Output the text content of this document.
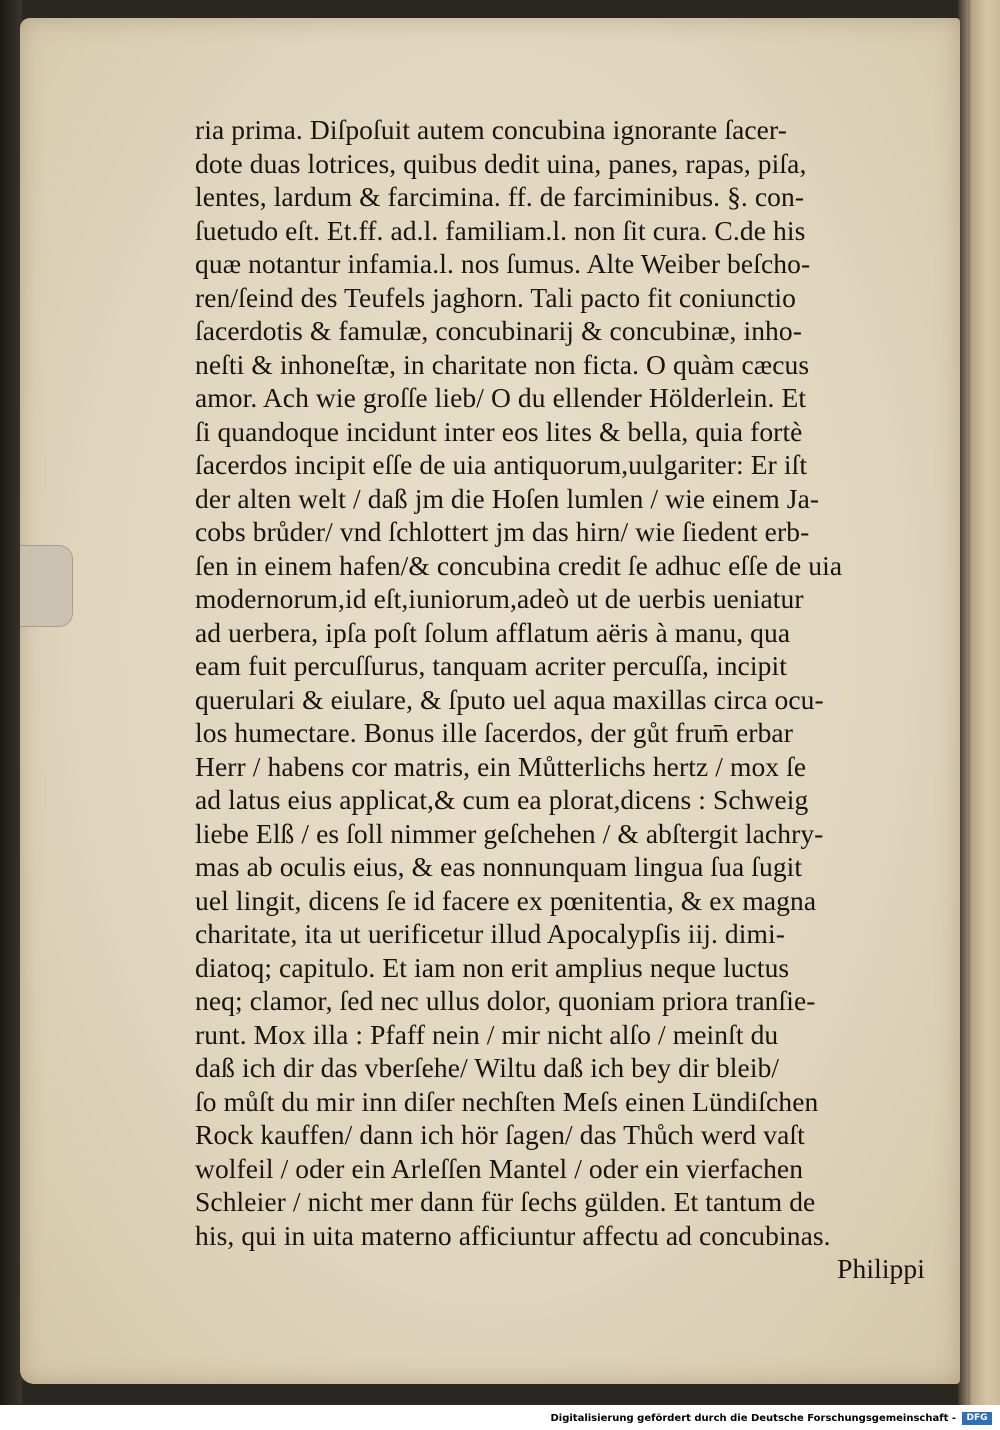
ria prima. Diſpoſuit autem concubina ignorante ſacer-
dote duas lotrices, quibus dedit uina, panes, rapas, piſa,
lentes, lardum & farcimina. ff. de farciminibus. §. con-
ſuetudo eſt. Et.ff. ad.l. familiam.l. non ſit cura. C.de his
quæ notantur infamia.l. nos ſumus. Alte Weiber beſcho-
ren/ſeind des Teufels jaghorn. Tali pacto fit coniunctio
ſacerdotis & famulæ, concubinarij & concubinæ, inho-
neſti & inhoneſtæ, in charitate non ficta. O quàm cæcus
amor. Ach wie groſſe lieb/ O du ellender Hölderlein. Et
ſi quandoque incidunt inter eos lites & bella, quia fortè
ſacerdos incipit eſſe de uia antiquorum,uulgariter: Er iſt
der alten welt / daß jm die Hoſen lumlen / wie einem Ja-
cobs brůder/ vnd ſchlottert jm das hirn/ wie ſiedent erb-
ſen in einem hafen/& concubina credit ſe adhuc eſſe de uia
modernorum,id eſt,iuniorum,adeò ut de uerbis ueniatur
ad uerbera, ipſa poſt ſolum afflatum aëris à manu, qua
eam fuit percuſſurus, tanquam acriter percuſſa, incipit
querulari & eiulare, & ſputo uel aqua maxillas circa ocu-
los humectare. Bonus ille ſacerdos, der gůt frum̄ erbar
Herr / habens cor matris, ein Můtterlichs hertz / mox ſe
ad latus eius applicat,& cum ea plorat,dicens : Schweig
liebe Elß / es ſoll nimmer geſchehen / & abſtergit lachry-
mas ab oculis eius, & eas nonnunquam lingua ſua ſugit
uel lingit, dicens ſe id facere ex pœnitentia, & ex magna
charitate, ita ut uerificetur illud Apocalypſis iij. dimi-
diatoq; capitulo. Et iam non erit amplius neque luctus
neq; clamor, ſed nec ullus dolor, quoniam priora tranſie-
runt. Mox illa : Pfaff nein / mir nicht alſo / meinſt du
daß ich dir das vberſehe/ Wiltu daß ich bey dir bleib/
ſo můſt du mir inn diſer nechſten Meſs einen Lündiſchen
Rock kauffen/ dann ich hör ſagen/ das Thůch werd vaſt
wolfeil / oder ein Arleſſen Mantel / oder ein vierfachen
Schleier / nicht mer dann für ſechs gülden. Et tantum de
his, qui in uita materno afficiuntur affectu ad concubinas.
Philippi
Digitalisierung gefördert durch die Deutsche Forschungsgemeinschaft -	DFG
